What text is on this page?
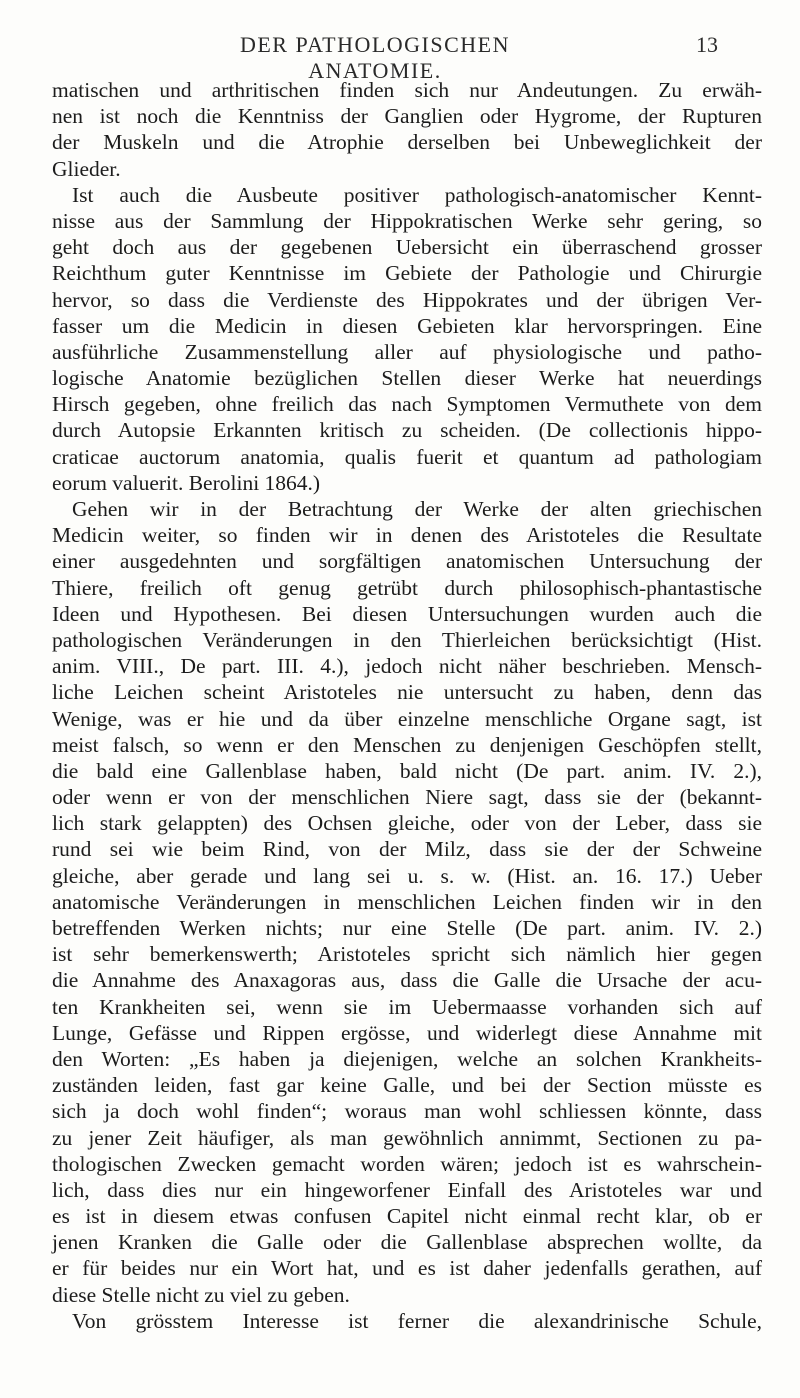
DER PATHOLOGISCHEN ANATOMIE.
13
matischen und arthritischen finden sich nur Andeutungen. Zu erwäh-
nen ist noch die Kenntniss der Ganglien oder Hygrome, der Rupturen
der Muskeln und die Atrophie derselben bei Unbeweglichkeit der
Glieder.
Ist auch die Ausbeute positiver pathologisch-anatomischer Kennt-
nisse aus der Sammlung der Hippokratischen Werke sehr gering, so
geht doch aus der gegebenen Uebersicht ein überraschend grosser
Reichthum guter Kenntnisse im Gebiete der Pathologie und Chirurgie
hervor, so dass die Verdienste des Hippokrates und der übrigen Ver-
fasser um die Medicin in diesen Gebieten klar hervorspringen. Eine
ausführliche Zusammenstellung aller auf physiologische und patho-
logische Anatomie bezüglichen Stellen dieser Werke hat neuerdings
Hirsch gegeben, ohne freilich das nach Symptomen Vermuthete von dem
durch Autopsie Erkannten kritisch zu scheiden. (De collectionis hippo-
craticae auctorum anatomia, qualis fuerit et quantum ad pathologiam
eorum valuerit. Berolini 1864.)
Gehen wir in der Betrachtung der Werke der alten griechischen
Medicin weiter, so finden wir in denen des Aristoteles die Resultate
einer ausgedehnten und sorgfältigen anatomischen Untersuchung der
Thiere, freilich oft genug getrübt durch philosophisch-phantastische
Ideen und Hypothesen. Bei diesen Untersuchungen wurden auch die
pathologischen Veränderungen in den Thierleichen berücksichtigt (Hist.
anim. VIII., De part. III. 4.), jedoch nicht näher beschrieben. Mensch-
liche Leichen scheint Aristoteles nie untersucht zu haben, denn das
Wenige, was er hie und da über einzelne menschliche Organe sagt, ist
meist falsch, so wenn er den Menschen zu denjenigen Geschöpfen stellt,
die bald eine Gallenblase haben, bald nicht (De part. anim. IV. 2.),
oder wenn er von der menschlichen Niere sagt, dass sie der (bekannt-
lich stark gelappten) des Ochsen gleiche, oder von der Leber, dass sie
rund sei wie beim Rind, von der Milz, dass sie der der Schweine
gleiche, aber gerade und lang sei u. s. w. (Hist. an. 16. 17.) Ueber
anatomische Veränderungen in menschlichen Leichen finden wir in den
betreffenden Werken nichts; nur eine Stelle (De part. anim. IV. 2.)
ist sehr bemerkenswerth; Aristoteles spricht sich nämlich hier gegen
die Annahme des Anaxagoras aus, dass die Galle die Ursache der acu-
ten Krankheiten sei, wenn sie im Uebermaasse vorhanden sich auf
Lunge, Gefässe und Rippen ergösse, und widerlegt diese Annahme mit
den Worten: „Es haben ja diejenigen, welche an solchen Krankheits-
zuständen leiden, fast gar keine Galle, und bei der Section müsste es
sich ja doch wohl finden“; woraus man wohl schliessen könnte, dass
zu jener Zeit häufiger, als man gewöhnlich annimmt, Sectionen zu pa-
thologischen Zwecken gemacht worden wären; jedoch ist es wahrschein-
lich, dass dies nur ein hingeworfener Einfall des Aristoteles war und
es ist in diesem etwas confusen Capitel nicht einmal recht klar, ob er
jenen Kranken die Galle oder die Gallenblase absprechen wollte, da
er für beides nur ein Wort hat, und es ist daher jedenfalls gerathen, auf
diese Stelle nicht zu viel zu geben.
Von grösstem Interesse ist ferner die alexandrinische Schule,
